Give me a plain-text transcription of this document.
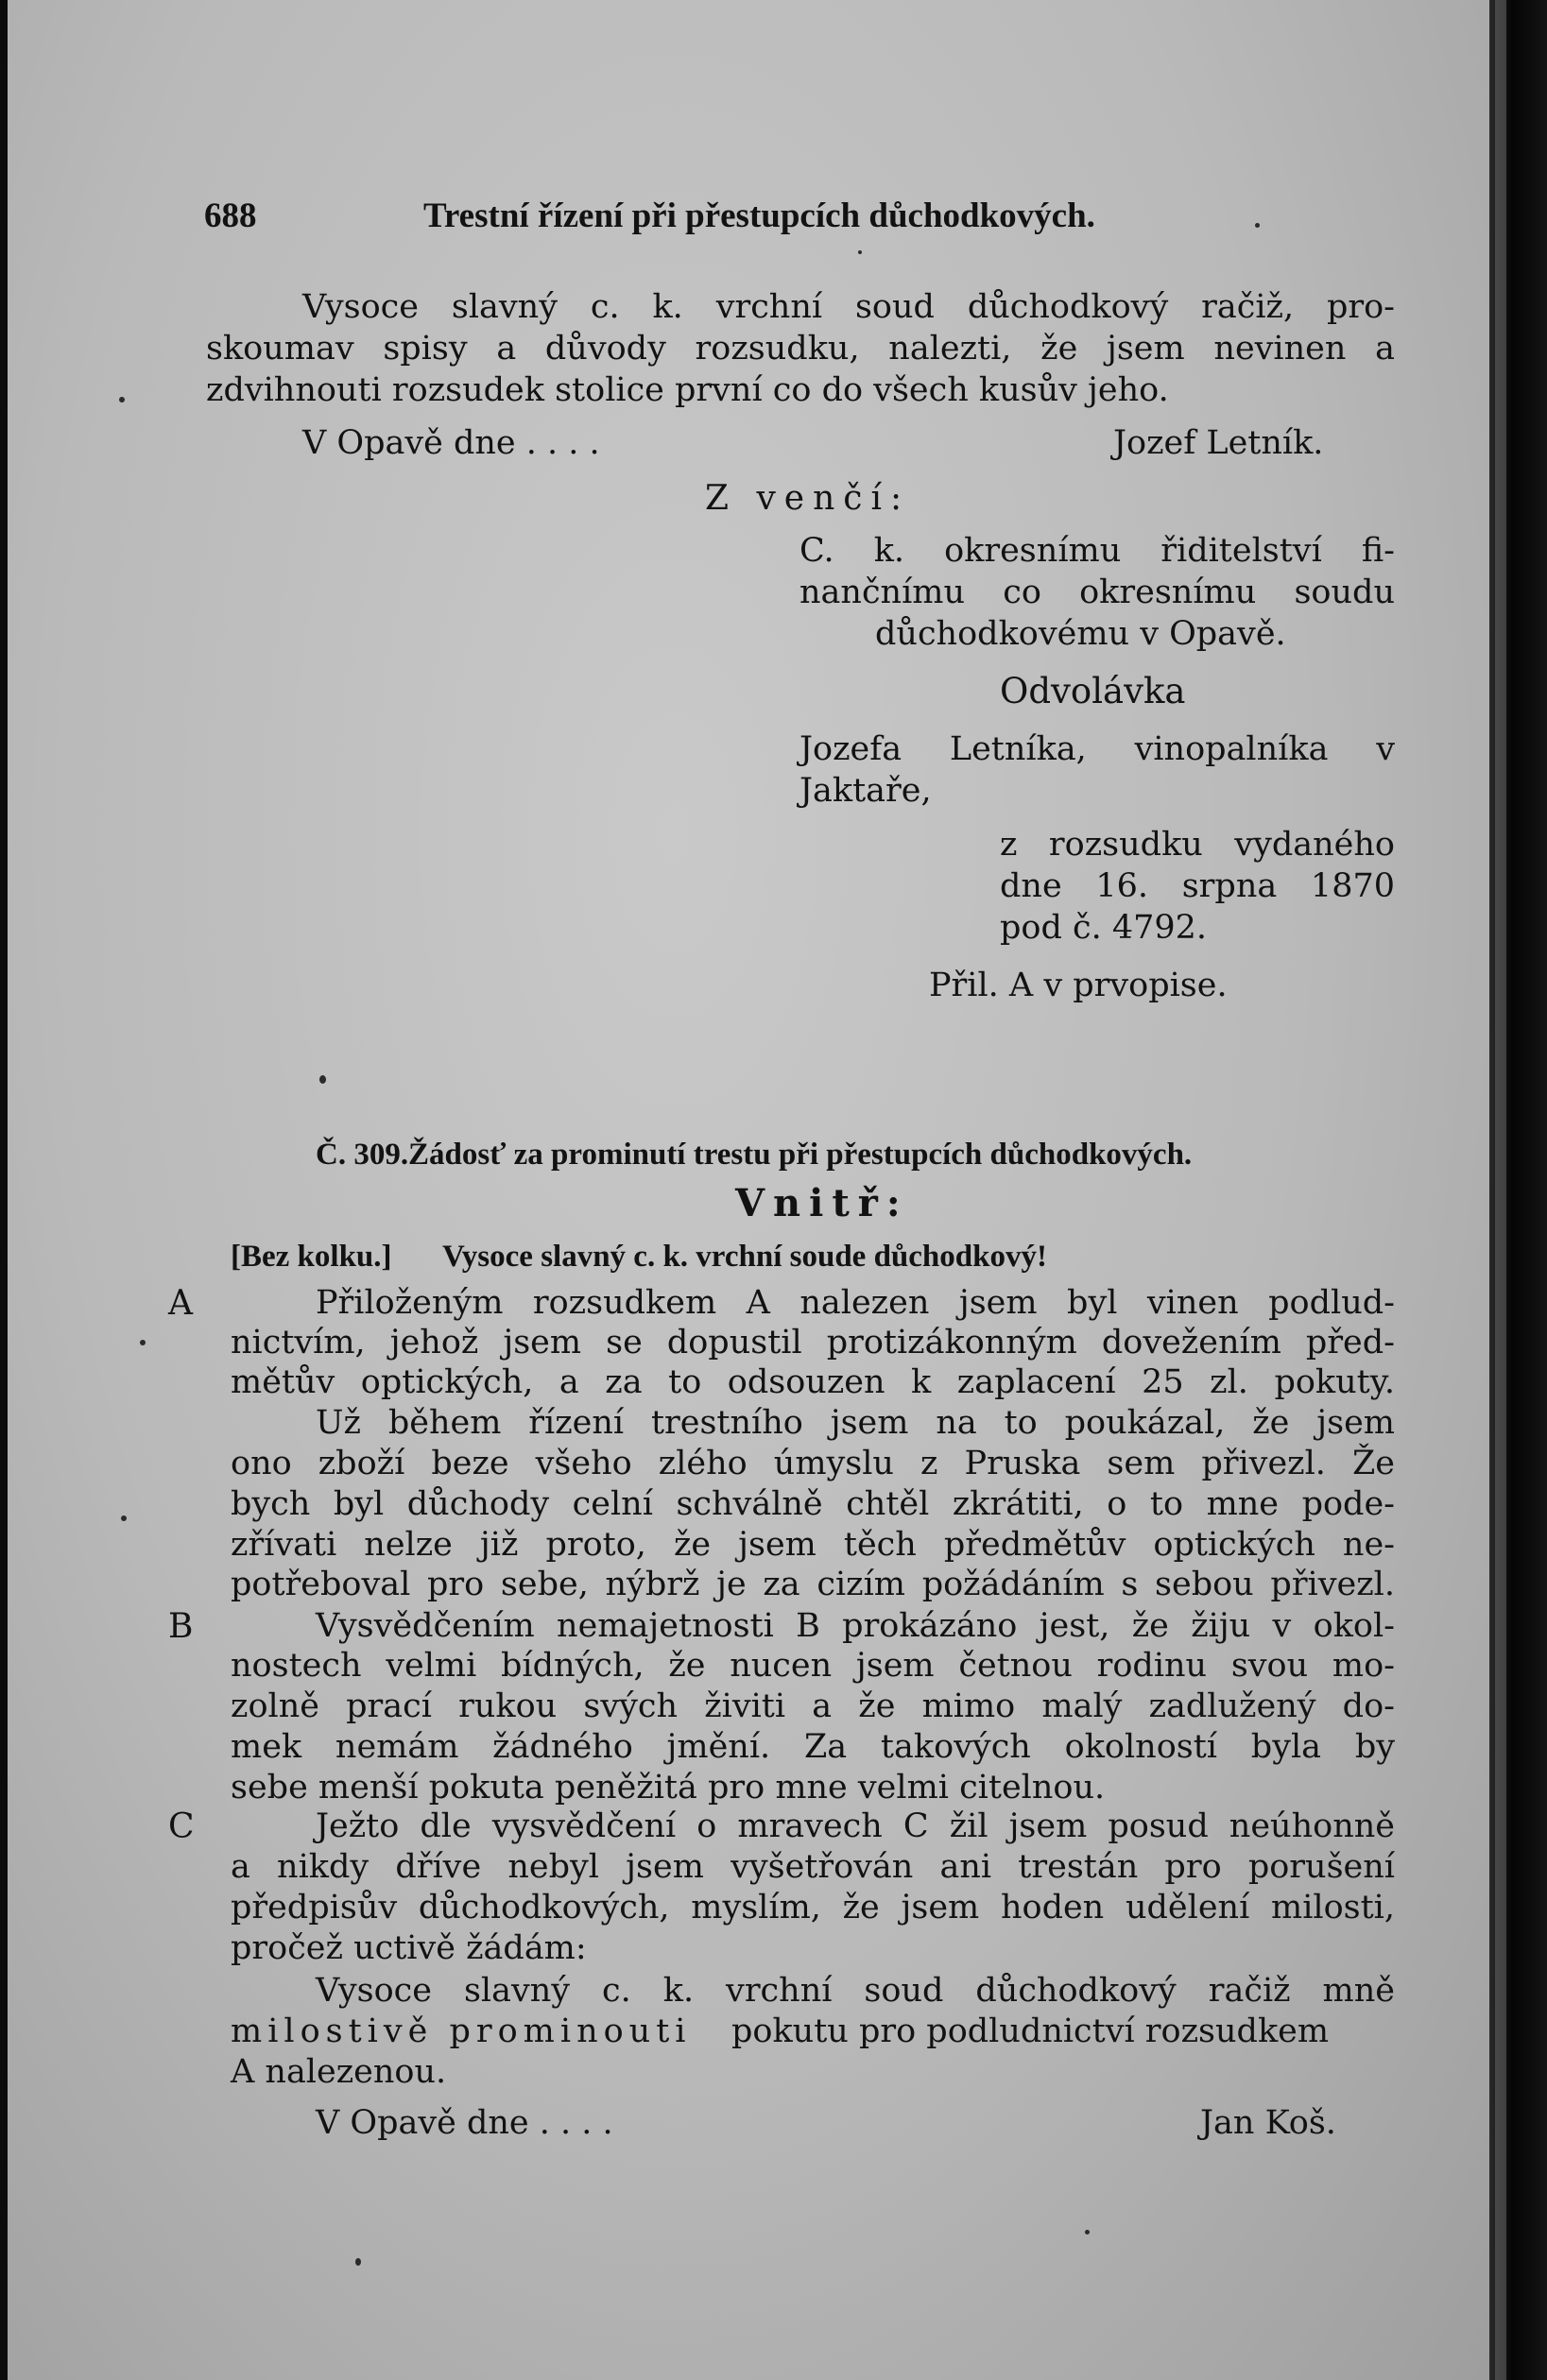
688	Trestní řízení při přestupcích důchodkových.
Vysoce slavný c. k. vrchní soud důchodkový račiž, pro-
skoumav spisy a důvody rozsudku, nalezti, že jsem nevinen a
zdvihnouti rozsudek stolice první co do všech kusův jeho.
V Opavě dne . . . .	Jozef Letník.
Z venčí:
C. k. okresnímu řiditelství fi-
nančnímu co okresnímu soudu
důchodkovému v Opavě.
Odvolávka
Jozefa Letníka, vinopalníka v
Jaktaře,
z rozsudku vydaného
dne 16. srpna 1870
pod č. 4792.
Přil. A v prvopise.
Č. 309. Žádosť za prominutí trestu při přestupcích důchodkových.
Vnitř:
[Bez kolku.] Vysoce slavný c. k. vrchní soude důchodkový!
A
B
C
Přiloženým rozsudkem A nalezen jsem byl vinen podlud-
nictvím, jehož jsem se dopustil protizákonným dovežením před-
mětův optických, a za to odsouzen k zaplacení 25 zl. pokuty.
Už během řízení trestního jsem na to poukázal, že jsem
ono zboží beze všeho zlého úmyslu z Pruska sem přivezl. Že
bych byl důchody celní schválně chtěl zkrátiti, o to mne pode-
zřívati nelze již proto, že jsem těch předmětův optických ne-
potřeboval pro sebe, nýbrž je za cizím požádáním s sebou přivezl.
Vysvědčením nemajetnosti B prokázáno jest, že žiju v okol-
nostech velmi bídných, že nucen jsem četnou rodinu svou mo-
zolně prací rukou svých živiti a že mimo malý zadlužený do-
mek nemám žádného jmění. Za takových okolností byla by
sebe menší pokuta peněžitá pro mne velmi citelnou.
Ježto dle vysvědčení o mravech C žil jsem posud neúhonně
a nikdy dříve nebyl jsem vyšetřován ani trestán pro porušení
předpisův důchodkových, myslím, že jsem hoden udělení milosti,
pročež uctivě žádám:
Vysoce slavný c. k. vrchní soud důchodkový račiž mně
milostivě prominouti pokutu pro podludnictví rozsudkem
A nalezenou.
V Opavě dne . . . .	Jan Koš.
